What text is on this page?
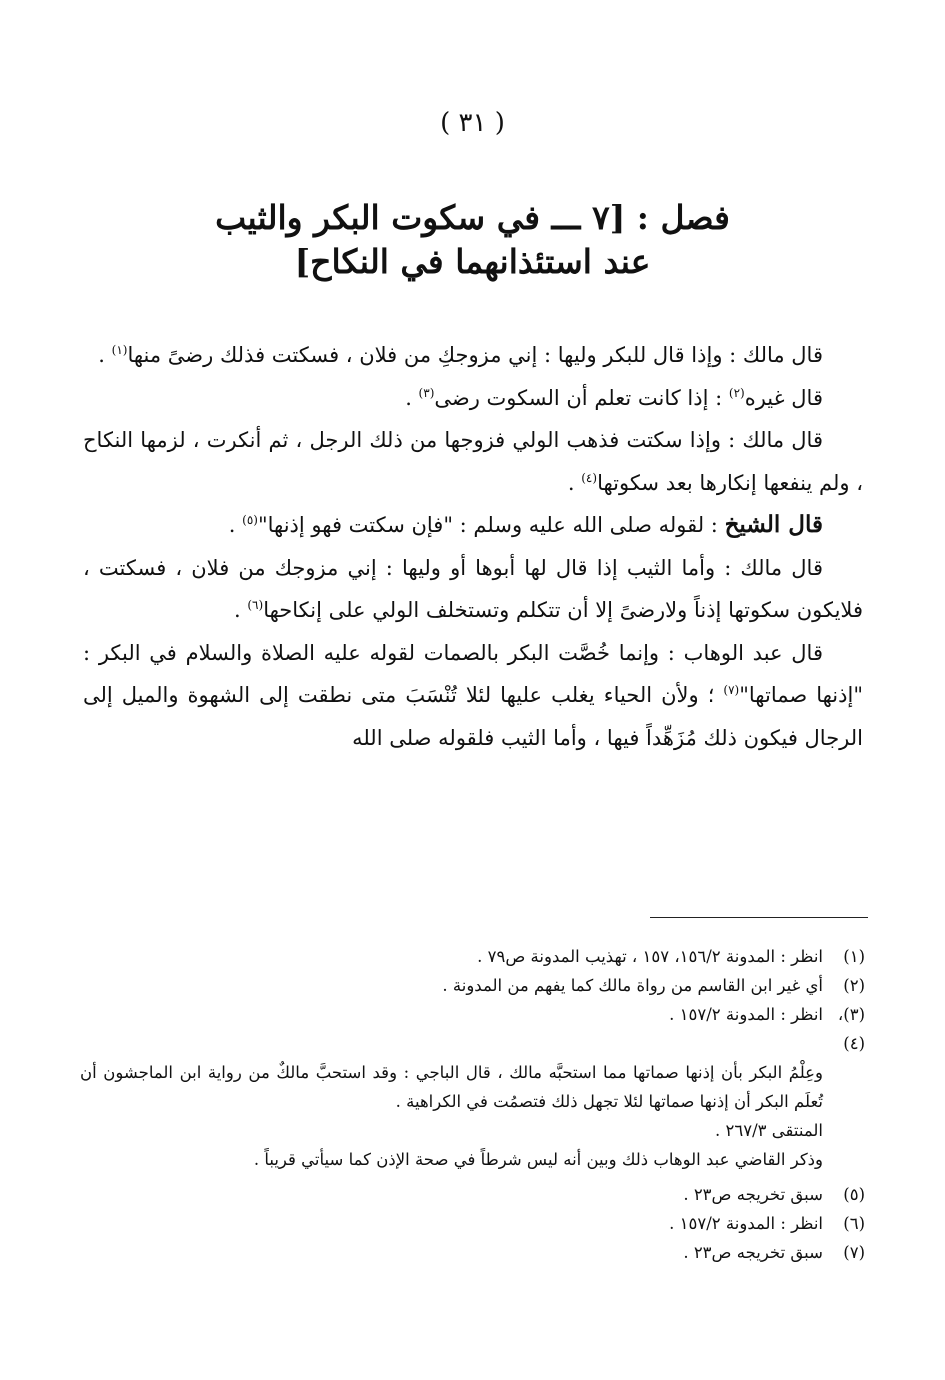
( ٣١ )
فصل : [٧ ـــ في سكوت البكر والثيب
عند استئذانهما في النكاح]

قال مالك : وإذا قال للبكر وليها : إني مزوجكِ من فلان ، فسكتت فذلك رضىً منها$^{(١)}$ .

قال غيره$^{(٢)}$ : إذا كانت تعلم أن السكوت رضى$^{(٣)}$ .

قال مالك : وإذا سكتت فذهب الولي فزوجها من ذلك الرجل ، ثم أنكرت ، لزمها النكاح ، ولم ينفعها إنكارها بعد سكوتها$^{(٤)}$ .

قال الشيخ : لقوله صلى الله عليه وسلم : "فإن سكتت فهو إذنها"$^{(٥)}$ .

قال مالك : وأما الثيب إذا قال لها أبوها أو وليها : إني مزوجك من فلان ، فسكتت ، فلايكون سكوتها إذناً ولارضىً إلا أن تتكلم وتستخلف الولي على إنكاحها$^{(٦)}$ .

قال عبد الوهاب : وإنما خُصَّت البكر بالصمات لقوله عليه الصلاة والسلام في البكر : "إذنها صماتها"$^{(٧)}$ ؛ ولأن الحياء يغلب عليها لئلا تُنْسَبَ متى نطقت إلى الشهوة والميل إلى الرجال فيكون ذلك مُزَهِّداً فيها ، وأما الثيب فلقوله صلى الله

(١)
انظر : المدونة ١٥٦/٢، ١٥٧ ، تهذيب المدونة ص٧٩ .
(٢)
أي غير ابن القاسم من رواة مالك كما يفهم من المدونة .
(٣)،(٤)
انظر : المدونة ١٥٧/٢ .
وعِلْمُ البكر بأن إذنها صماتها مما استحبَّه مالك ، قال الباجي : وقد استحبَّ مالكٌ من رواية ابن الماجشون أن تُعلَم البكر أن إذنها صماتها لئلا تجهل ذلك فتصمُت في الكراهية .
المنتقى ٢٦٧/٣ .
وذكر القاضي عبد الوهاب ذلك وبين أنه ليس شرطاً في صحة الإذن كما سيأتي قريباً .
(٥)
سبق تخريجه ص٢٣ .
(٦)
انظر : المدونة ١٥٧/٢ .
(٧)
سبق تخريجه ص٢٣ .
